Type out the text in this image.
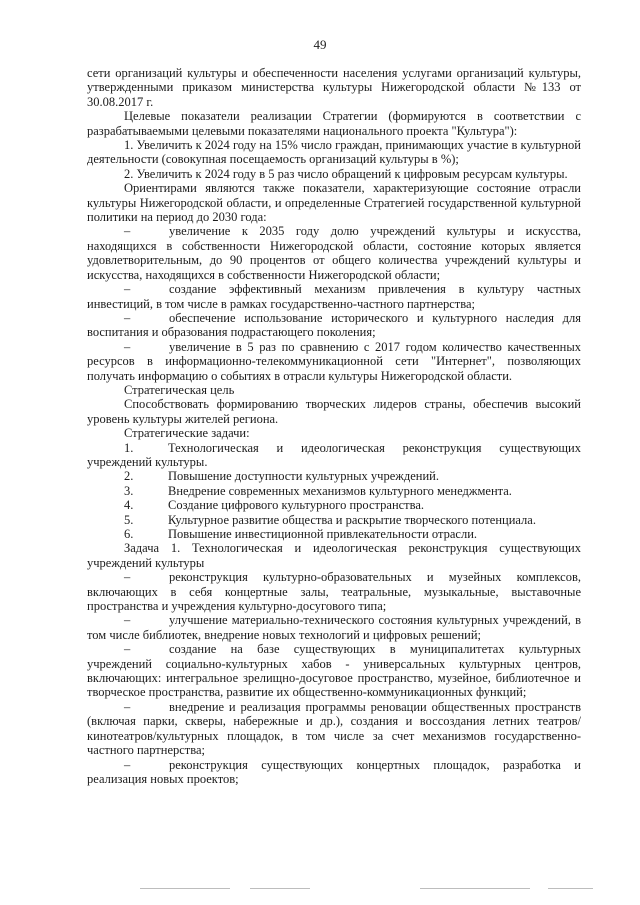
49

сети организаций культуры и обеспеченности населения услугами организаций культуры, утвержденными приказом министерства культуры Нижегородской области №133 от 30.08.2017 г.

Целевые показатели реализации Стратегии (формируются в соответствии с разрабатываемыми целевыми показателями национального проекта "Культура"):

1. Увеличить к 2024 году на 15% число граждан, принимающих участие в культурной деятельности (совокупная посещаемость организаций культуры в %);

2. Увеличить к 2024 году в 5 раз число обращений к цифровым ресурсам культуры.

Ориентирами являются также показатели, характеризующие состояние отрасли культуры Нижегородской области, и определенные Стратегией государственной культурной политики на период до 2030 года:

–	увеличение к 2035 году долю учреждений культуры и искусства, находящихся в собственности Нижегородской области, состояние которых является удовлетворительным, до 90 процентов от общего количества учреждений культуры и искусства, находящихся в собственности Нижегородской области;

–	создание эффективный механизм привлечения в культуру частных инвестиций, в том числе в рамках государственно-частного партнерства;

–	обеспечение использование исторического и культурного наследия для воспитания и образования подрастающего поколения;

–	увеличение в 5 раз по сравнению с 2017 годом количество качественных ресурсов в информационно-телекоммуникационной сети "Интернет", позволяющих получать информацию о событиях в отрасли культуры Нижегородской области.

Стратегическая цель

Способствовать формированию творческих лидеров страны, обеспечив высокий уровень культуры жителей региона.

Стратегические задачи:

1.	Технологическая и идеологическая реконструкция существующих учреждений культуры.

2.	Повышение доступности культурных учреждений.

3.	Внедрение современных механизмов культурного менеджмента.

4.	Создание цифрового культурного пространства.

5.	Культурное развитие общества и раскрытие творческого потенциала.

6.	Повышение инвестиционной привлекательности отрасли.

Задача 1. Технологическая и идеологическая реконструкция существующих учреждений культуры

–	реконструкция культурно-образовательных и музейных комплексов, включающих в себя концертные залы, театральные, музыкальные, выставочные пространства и учреждения культурно-досугового типа;

–	улучшение материально-технического состояния культурных учреждений, в том числе библиотек, внедрение новых технологий и цифровых решений;

–	создание на базе существующих в муниципалитетах культурных учреждений социально-культурных хабов - универсальных культурных центров, включающих: интегральное зрелищно-досуговое пространство, музейное, библиотечное и творческое пространства, развитие их общественно-коммуникационных функций;

–	внедрение и реализация программы реновации общественных пространств (включая парки, скверы, набережные и др.), создания и воссоздания летних театров/кинотеатров/культурных площадок, в том числе за счет механизмов государственно-частного партнерства;

–	реконструкция существующих концертных площадок, разработка и реализация новых проектов;
